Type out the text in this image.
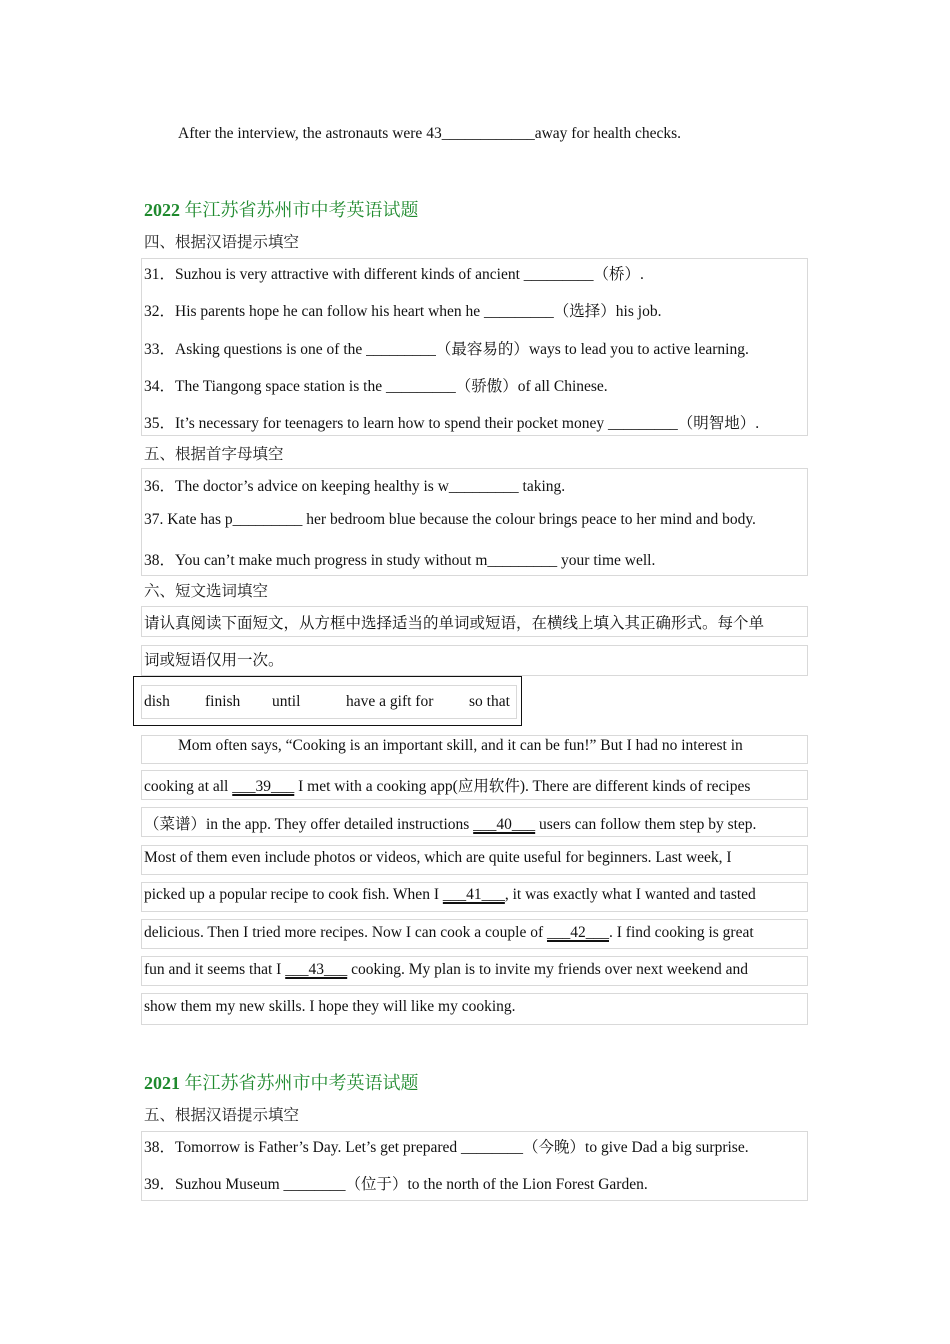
After the interview, the astronauts were 43____________away for health checks.
2022 年江苏省苏州市中考英语试题
四、根据汉语提示填空
31．Suzhou is very attractive with different kinds of ancient _________（桥）.
32．His parents hope he can follow his heart when he _________（选择）his job.
33．Asking questions is one of the _________（最容易的）ways to lead you to active learning.
34．The Tiangong space station is the _________（骄傲）of all Chinese.
35．It’s necessary for teenagers to learn how to spend their pocket money _________（明智地）.
五、根据首字母填空
36．The doctor’s advice on keeping healthy is w_________ taking.
37. Kate has p_________ her bedroom blue because the colour brings peace to her mind and body.
38．You can’t make much progress in study without m_________ your time well.
六、短文选词填空
请认真阅读下面短文，从方框中选择适当的单词或短语，在横线上填入其正确形式。每个单
词或短语仅用一次。
dish finish until	have a gift for so that
Mom often says, “Cooking is an important skill, and it can be fun!” But I had no interest in
cooking at all ___39___ I met with a cooking app(应用软件). There are different kinds of recipes
（菜谱）in the app. They offer detailed instructions ___40___ users can follow them step by step.
Most of them even include photos or videos, which are quite useful for beginners. Last week, I
picked up a popular recipe to cook fish. When I ___41___, it was exactly what I wanted and tasted
delicious. Then I tried more recipes. Now I can cook a couple of ___42___. I find cooking is great
fun and it seems that I ___43___ cooking. My plan is to invite my friends over next weekend and
show them my new skills. I hope they will like my cooking.
2021 年江苏省苏州市中考英语试题
五、根据汉语提示填空
38．Tomorrow is Father’s Day. Let’s get prepared ________（今晚）to give Dad a big surprise.
39．Suzhou Museum ________（位于）to the north of the Lion Forest Garden.
